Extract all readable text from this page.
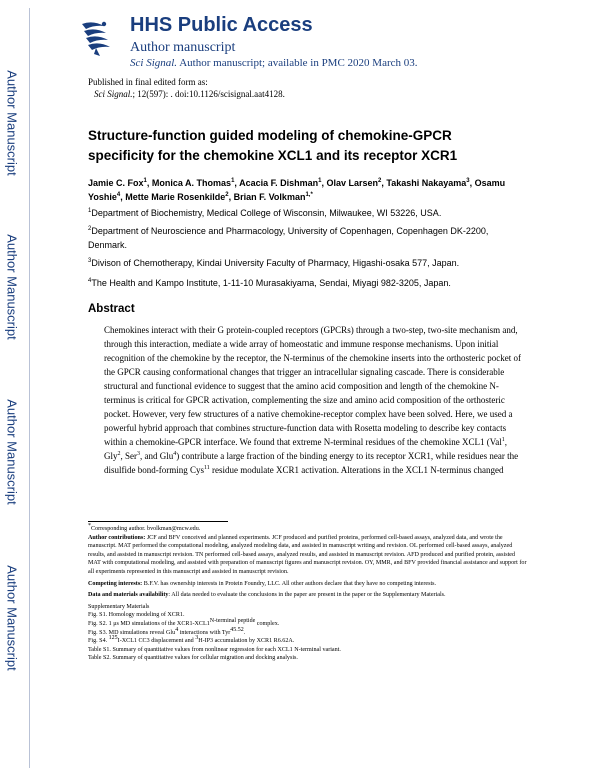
Author Manuscript
Author Manuscript
Author Manuscript
Author Manuscript
HHS Public Access
Author manuscript
Sci Signal. Author manuscript; available in PMC 2020 March 03.
Published in final edited form as:
Sci Signal.; 12(597): . doi:10.1126/scisignal.aat4128.
Structure-function guided modeling of chemokine-GPCR specificity for the chemokine XCL1 and its receptor XCR1
Jamie C. Fox$^1$, Monica A. Thomas$^1$, Acacia F. Dishman$^1$, Olav Larsen$^2$, Takashi Nakayama$^3$, Osamu Yoshie$^4$, Mette Marie Rosenkilde$^2$, Brian F. Volkman$^{1,*}$
$^1$Department of Biochemistry, Medical College of Wisconsin, Milwaukee, WI 53226, USA.
$^2$Department of Neuroscience and Pharmacology, University of Copenhagen, Copenhagen DK-2200, Denmark.
$^3$Divison of Chemotherapy, Kindai University Faculty of Pharmacy, Higashi-osaka 577, Japan.
$^4$The Health and Kampo Institute, 1-11-10 Murasakiyama, Sendai, Miyagi 982-3205, Japan.
Abstract
Chemokines interact with their G protein-coupled receptors (GPCRs) through a two-step, two-site mechanism and, through this interaction, mediate a wide array of homeostatic and immune response mechanisms. Upon initial recognition of the chemokine by the receptor, the N-terminus of the chemokine inserts into the orthosteric pocket of the GPCR causing conformational changes that trigger an intracellular signaling cascade. There is considerable structural and functional evidence to suggest that the amino acid composition and length of the chemokine N-terminus is critical for GPCR activation, complementing the size and amino acid composition of the orthosteric pocket. However, very few structures of a native chemokine-receptor complex have been solved. Here, we used a powerful hybrid approach that combines structure-function data with Rosetta modeling to describe key contacts within a chemokine-GPCR interface. We found that extreme N-terminal residues of the chemokine XCL1 (Val$^1$, Gly$^2$, Ser$^3$, and Glu$^4$) contribute a large fraction of the binding energy to its receptor XCR1, while residues near the disulfide bond-forming Cys$^{11}$ residue modulate XCR1 activation. Alterations in the XCL1 N-terminus changed
*Corresponding author. bvolkman@mcw.edu.
Author contributions: JCF and BFV conceived and planned experiments. JCF produced and purified proteins, performed cell-based assays, analyzed data, and wrote the manuscript. MAT performed the computational modeling, analyzed modeling data, and assisted in manuscript writing and revision. OL performed cell-based assays, analyzed results, and assisted in manuscript revision. TN performed cell-based assays, analyzed results, and assisted in manuscript revision. AFD produced and purified protein, assisted MAT with computational modeling, and assisted with preparation of manuscript figures and manuscript revision. OY, MMR, and BFV provided financial assistance and support for all experiments represented in this manuscript and assisted in manuscript revision.
Competing interests: B.F.V. has ownership interests in Protein Foundry, LLC. All other authors declare that they have no competing interests.
Data and materials availability: All data needed to evaluate the conclusions in the paper are present in the paper or the Supplementary Materials.
Supplementary Materials
Fig. S1. Homology modeling of XCR1.
Fig. S2. 1 μs MD simulations of the $XCR1-XCL1^{N-terminal peptide}$ complex.
Fig. S3. MD simulations reveal Glu$^4$ interactions with Tyr$^{45.52}$.
Fig. S4. $^{125}$I-XCL1 CC3 displacement and $^3$H-IP3 accumulation by XCR1 R6.62A.
Table S1. Summary of quantitative values from nonlinear regression for each XCL1 N-terminal variant.
Table S2. Summary of quantitative values for cellular migration and docking analysis.
